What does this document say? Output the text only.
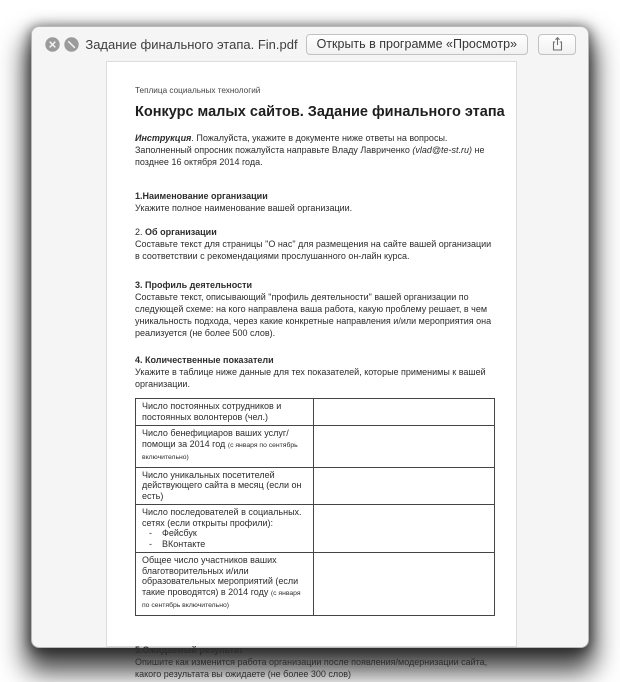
Задание финального этапа. Fin.pdf	Открыть в программе «Просмотр»
Теплица социальных технологий
Конкурс малых сайтов. Задание финального этапа

Инструкция. Пожалуйста, укажите в документе ниже ответы на вопросы. Заполненный опросник пожалуйста направьте Владу Лавриченко (vlad@te-st.ru) не позднее 16 октября 2014 года.

1.Наименование организации
Укажите полное наименование вашей организации.
2. Об организации
Составьте текст для страницы "О нас" для размещения на сайте вашей организации в соответствии с рекомендациями прослушанного он-лайн курса.
3. Профиль деятельности
Составьте текст, описывающий "профиль деятельности" вашей организации по следующей схеме: на кого направлена ваша работа, какую проблему решает, в чем уникальность подхода, через какие конкретные направления и/или мероприятия она реализуется (не более 500 слов).
4. Количественные показатели
Укажите в таблице ниже данные для тех показателей, которые применимы к вашей организации.
Число постоянных сотрудников и постоянных волонтеров (чел.)	
Число бенефициаров ваших услуг/помощи за 2014 год (с января по сентябрь включительно)	
Число уникальных посетителей действующего сайта в месяц (если он есть)	

Число последователей в социальных. сетях (если открыты профили):
- Фейсбук
- ВКонтакте

Общее число участников ваших благотворительных и/или образовательных мероприятий (если такие проводятся) в 2014 году (с января по сентябрь включительно)	
5.Ожидаемый результат
Опишите как изменится работа организации после появления/модернизации сайта, какого результата вы ожидаете (не более 300 слов)
